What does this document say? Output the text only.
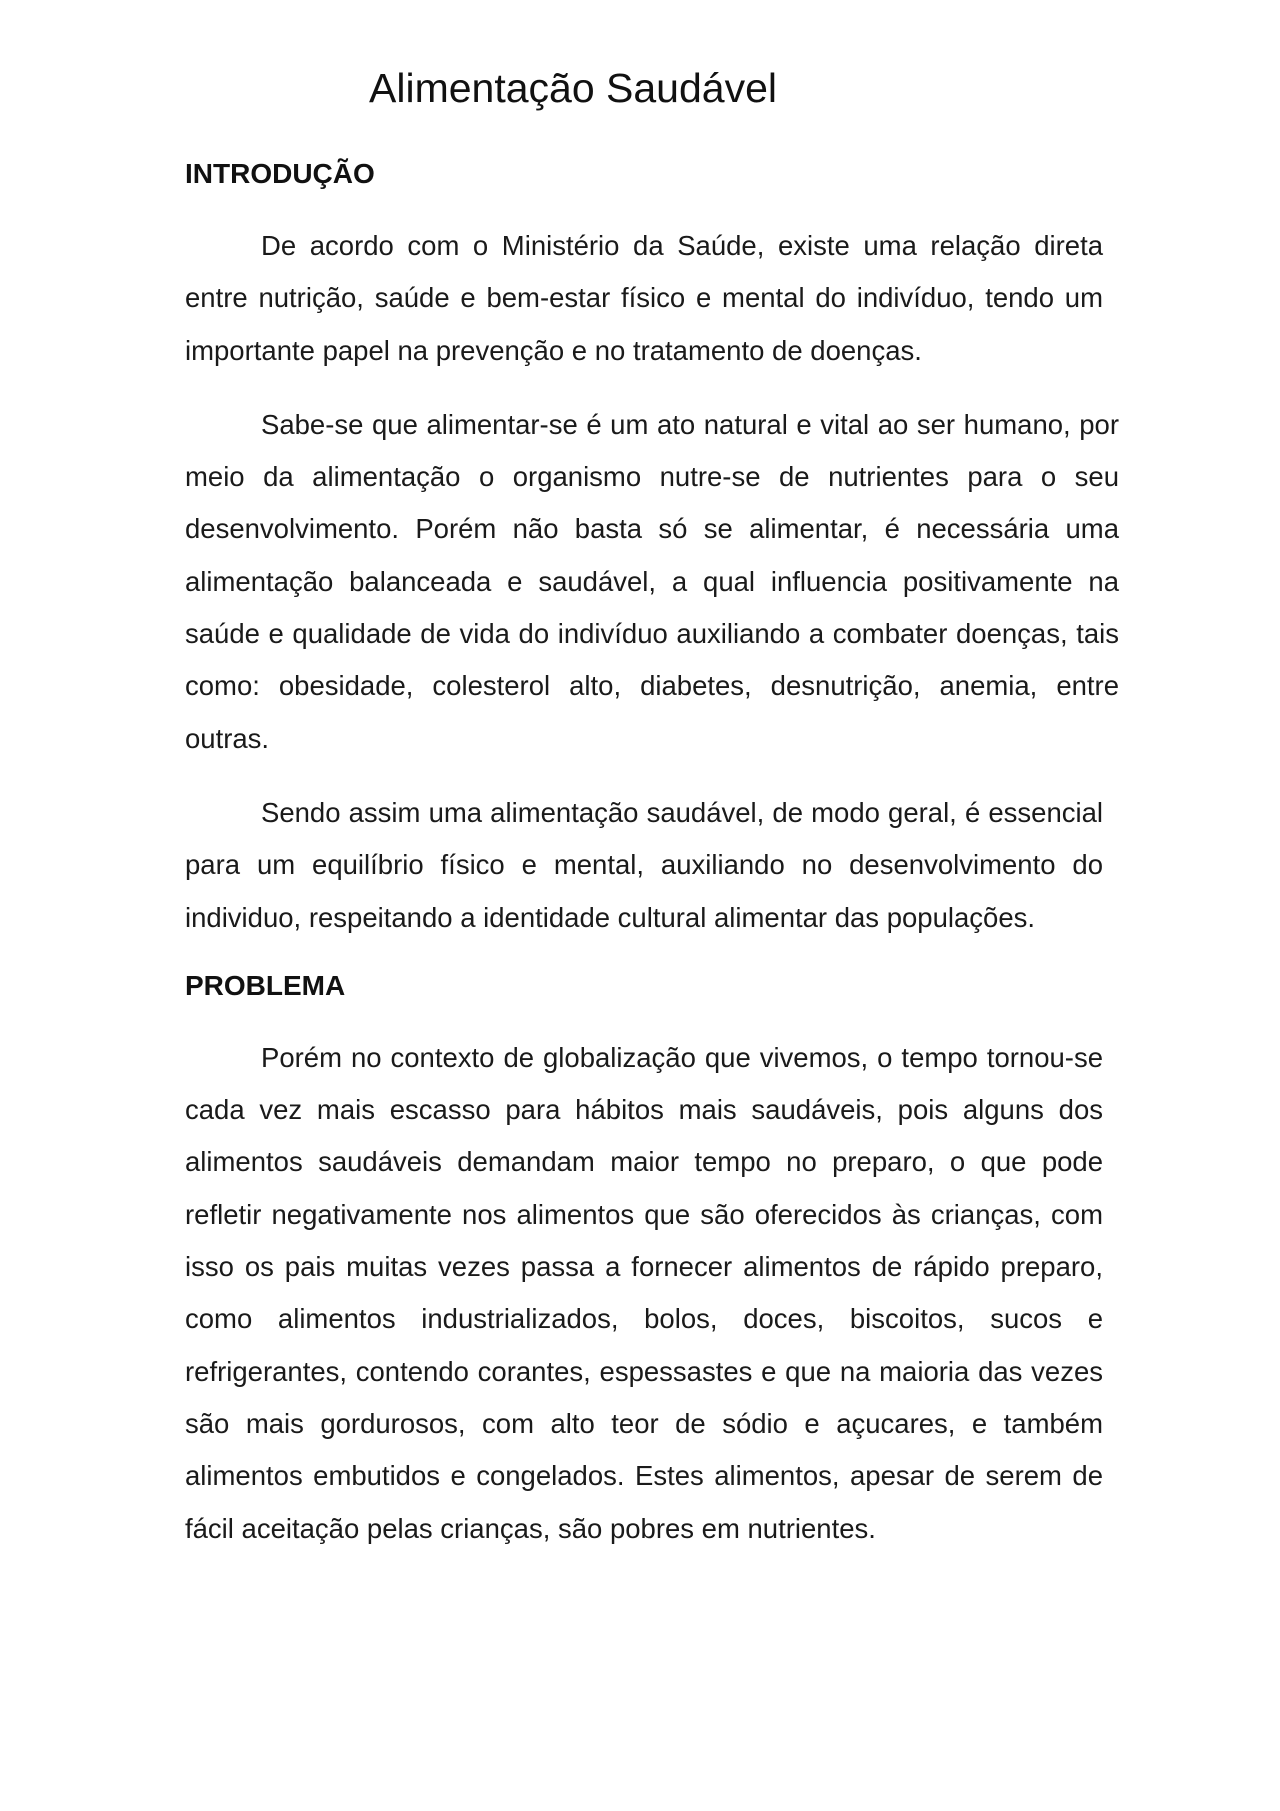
Alimentação Saudável
INTRODUÇÃO

De acordo com o Ministério da Saúde, existe uma relação direta entre nutrição, saúde e bem-estar físico e mental do indivíduo, tendo um importante papel na prevenção e no tratamento de doenças.

Sabe-se que alimentar-se é um ato natural e vital ao ser humano, por meio da alimentação o organismo nutre-se de nutrientes para o seu desenvolvimento. Porém não basta só se alimentar, é necessária uma alimentação balanceada e saudável, a qual influencia positivamente na saúde e qualidade de vida do indivíduo auxiliando a combater doenças, tais como: obesidade, colesterol alto, diabetes, desnutrição, anemia, entre outras.

Sendo assim uma alimentação saudável, de modo geral, é essencial para um equilíbrio físico e mental, auxiliando no desenvolvimento do individuo, respeitando a identidade cultural alimentar das populações.

PROBLEMA

Porém no contexto de globalização que vivemos, o tempo tornou-se cada vez mais escasso para hábitos mais saudáveis, pois alguns dos alimentos saudáveis demandam maior tempo no preparo, o que pode refletir negativamente nos alimentos que são oferecidos às crianças, com isso os pais muitas vezes passa a fornecer alimentos de rápido preparo, como alimentos industrializados, bolos, doces, biscoitos, sucos e refrigerantes, contendo corantes, espessastes e que na maioria das vezes são mais gordurosos, com alto teor de sódio e açucares, e também alimentos embutidos e congelados. Estes alimentos, apesar de serem de fácil aceitação pelas crianças, são pobres em nutrientes.
